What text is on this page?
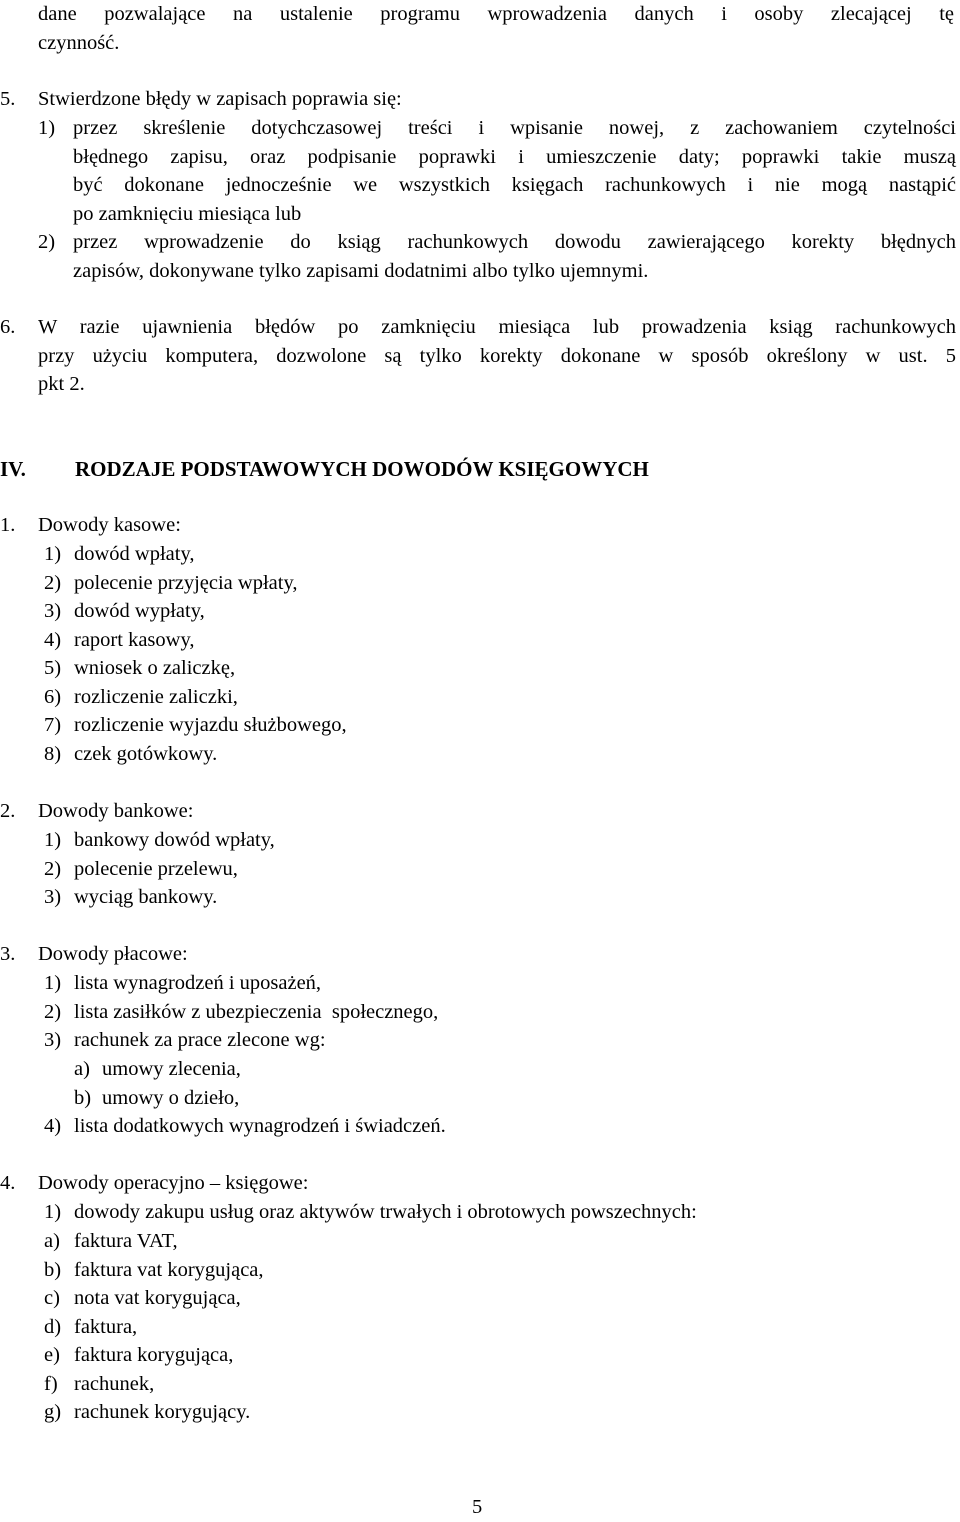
dane pozwalające na ustalenie programu wprowadzenia danych i osoby zlecającej tę
czynność.
5. Stwierdzone błędy w zapisach poprawia się:
1) przez skreślenie dotychczasowej treści i wpisanie nowej, z zachowaniem czytelności
błędnego zapisu, oraz podpisanie poprawki i umieszczenie daty; poprawki takie muszą
być dokonane jednocześnie we wszystkich księgach rachunkowych i nie mogą nastąpić
po zamknięciu miesiąca lub
2) przez wprowadzenie do ksiąg rachunkowych dowodu zawierającego korekty błędnych
zapisów, dokonywane tylko zapisami dodatnimi albo tylko ujemnymi.
6. W razie ujawnienia błędów po zamknięciu miesiąca lub prowadzenia ksiąg rachunkowych
przy użyciu komputera, dozwolone są tylko korekty dokonane w sposób określony w ust. 5
pkt 2.
IV. RODZAJE PODSTAWOWYCH DOWODÓW KSIĘGOWYCH
1. Dowody kasowe:
1) dowód wpłaty,
2) polecenie przyjęcia wpłaty,
3) dowód wypłaty,
4) raport kasowy,
5) wniosek o zaliczkę,
6) rozliczenie zaliczki,
7) rozliczenie wyjazdu służbowego,
8) czek gotówkowy.
2. Dowody bankowe:
1) bankowy dowód wpłaty,
2) polecenie przelewu,
3) wyciąg bankowy.
3. Dowody płacowe:
1) lista wynagrodzeń i uposażeń,
2) lista zasiłków z ubezpieczenia  społecznego,
3) rachunek za prace zlecone wg:
a) umowy zlecenia,
b) umowy o dzieło,
4) lista dodatkowych wynagrodzeń i świadczeń.
4. Dowody operacyjno – księgowe:
1) dowody zakupu usług oraz aktywów trwałych i obrotowych powszechnych:
a) faktura VAT,
b) faktura vat korygująca,
c) nota vat korygująca,
d) faktura,
e) faktura korygująca,
f) rachunek,
g) rachunek korygujący.
5
